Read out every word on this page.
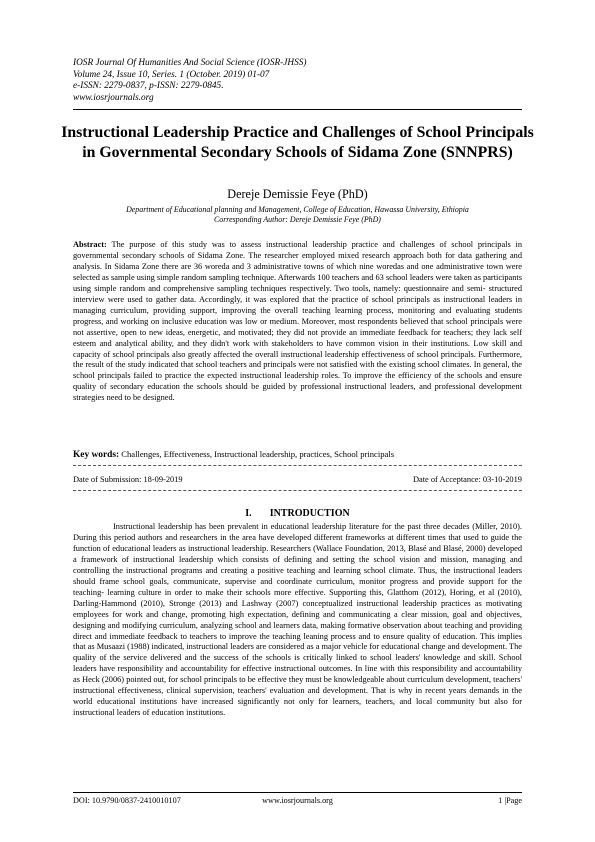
IOSR Journal Of Humanities And Social Science (IOSR-JHSS)
Volume 24, Issue 10, Series. 1 (October. 2019) 01-07
e-ISSN: 2279-0837, p-ISSN: 2279-0845.
www.iosrjournals.org
Instructional Leadership Practice and Challenges of School Principals in Governmental Secondary Schools of Sidama Zone (SNNPRS)
Dereje Demissie Feye (PhD)
Department of Educational planning and Management, College of Education, Hawassa University, Ethiopia
Corresponding Author: Dereje Demissie Feye (PhD)
Abstract: The purpose of this study was to assess instructional leadership practice and challenges of school principals in governmental secondary schools of Sidama Zone. The researcher employed mixed research approach both for data gathering and analysis. In Sidama Zone there are 36 woreda and 3 administrative towns of which nine woredas and one administrative town were selected as sample using simple random sampling technique. Afterwards 100 teachers and 63 school leaders were taken as participants using simple random and comprehensive sampling techniques respectively. Two tools, namely: questionnaire and semi- structured interview were used to gather data. Accordingly, it was explored that the practice of school principals as instructional leaders in managing curriculum, providing support, improving the overall teaching learning process, monitoring and evaluating students progress, and working on inclusive education was low or medium. Moreover, most respondents believed that school principals were not assertive, open to new ideas, energetic, and motivated; they did not provide an immediate feedback for teachers; they lack self esteem and analytical ability, and they didn't work with stakeholders to have common vision in their institutions. Low skill and capacity of school principals also greatly affected the overall instructional leadership effectiveness of school principals. Furthermore, the result of the study indicated that school teachers and principals were not satisfied with the existing school climates. In general, the school principals failed to practice the expected instructional leadership roles. To improve the efficiency of the schools and ensure quality of secondary education the schools should be guided by professional instructional leaders, and professional development strategies need to be designed.
Key words: Challenges, Effectiveness, Instructional leadership, practices, School principals
Date of Submission: 18-09-2019	Date of Acceptance: 03-10-2019
I. INTRODUCTION
Instructional leadership has been prevalent in educational leadership literature for the past three decades (Miller, 2010). During this period authors and researchers in the area have developed different frameworks at different times that used to guide the function of educational leaders as instructional leadership. Researchers (Wallace Foundation, 2013, Blasé and Blasé, 2000) developed a framework of instructional leadership which consists of defining and setting the school vision and mission, managing and controlling the instructional programs and creating a positive teaching and learning school climate. Thus, the instructional leaders should frame school goals, communicate, supervise and coordinate curriculum, monitor progress and provide support for the teaching- learning culture in order to make their schools more effective. Supporting this, Glatthom (2012), Horing, et al (2010), Darling-Hammond (2010), Stronge (2013) and Lashway (2007) conceptualized instructional leadership practices as motivating employees for work and change, promoting high expectation, defining and communicating a clear mission, goal and objectives, designing and modifying curriculum, analyzing school and learners data, making formative observation about teaching and providing direct and immediate feedback to teachers to improve the teaching leaning process and to ensure quality of education. This implies that as Musaazi (1988) indicated, instructional leaders are considered as a major vehicle for educational change and development. The quality of the service delivered and the success of the schools is critically linked to school leaders' knowledge and skill. School leaders have responsibility and accountability for effective instructional outcomes. In line with this responsibility and accountability as Heck (2006) pointed out, for school principals to be effective they must be knowledgeable about curriculum development, teachers' instructional effectiveness, clinical supervision, teachers' evaluation and development. That is why in recent years demands in the world educational institutions have increased significantly not only for learners, teachers, and local community but also for instructional leaders of education institutions.
DOI: 10.9790/0837-2410010107	www.iosrjournals.org	1 |Page
